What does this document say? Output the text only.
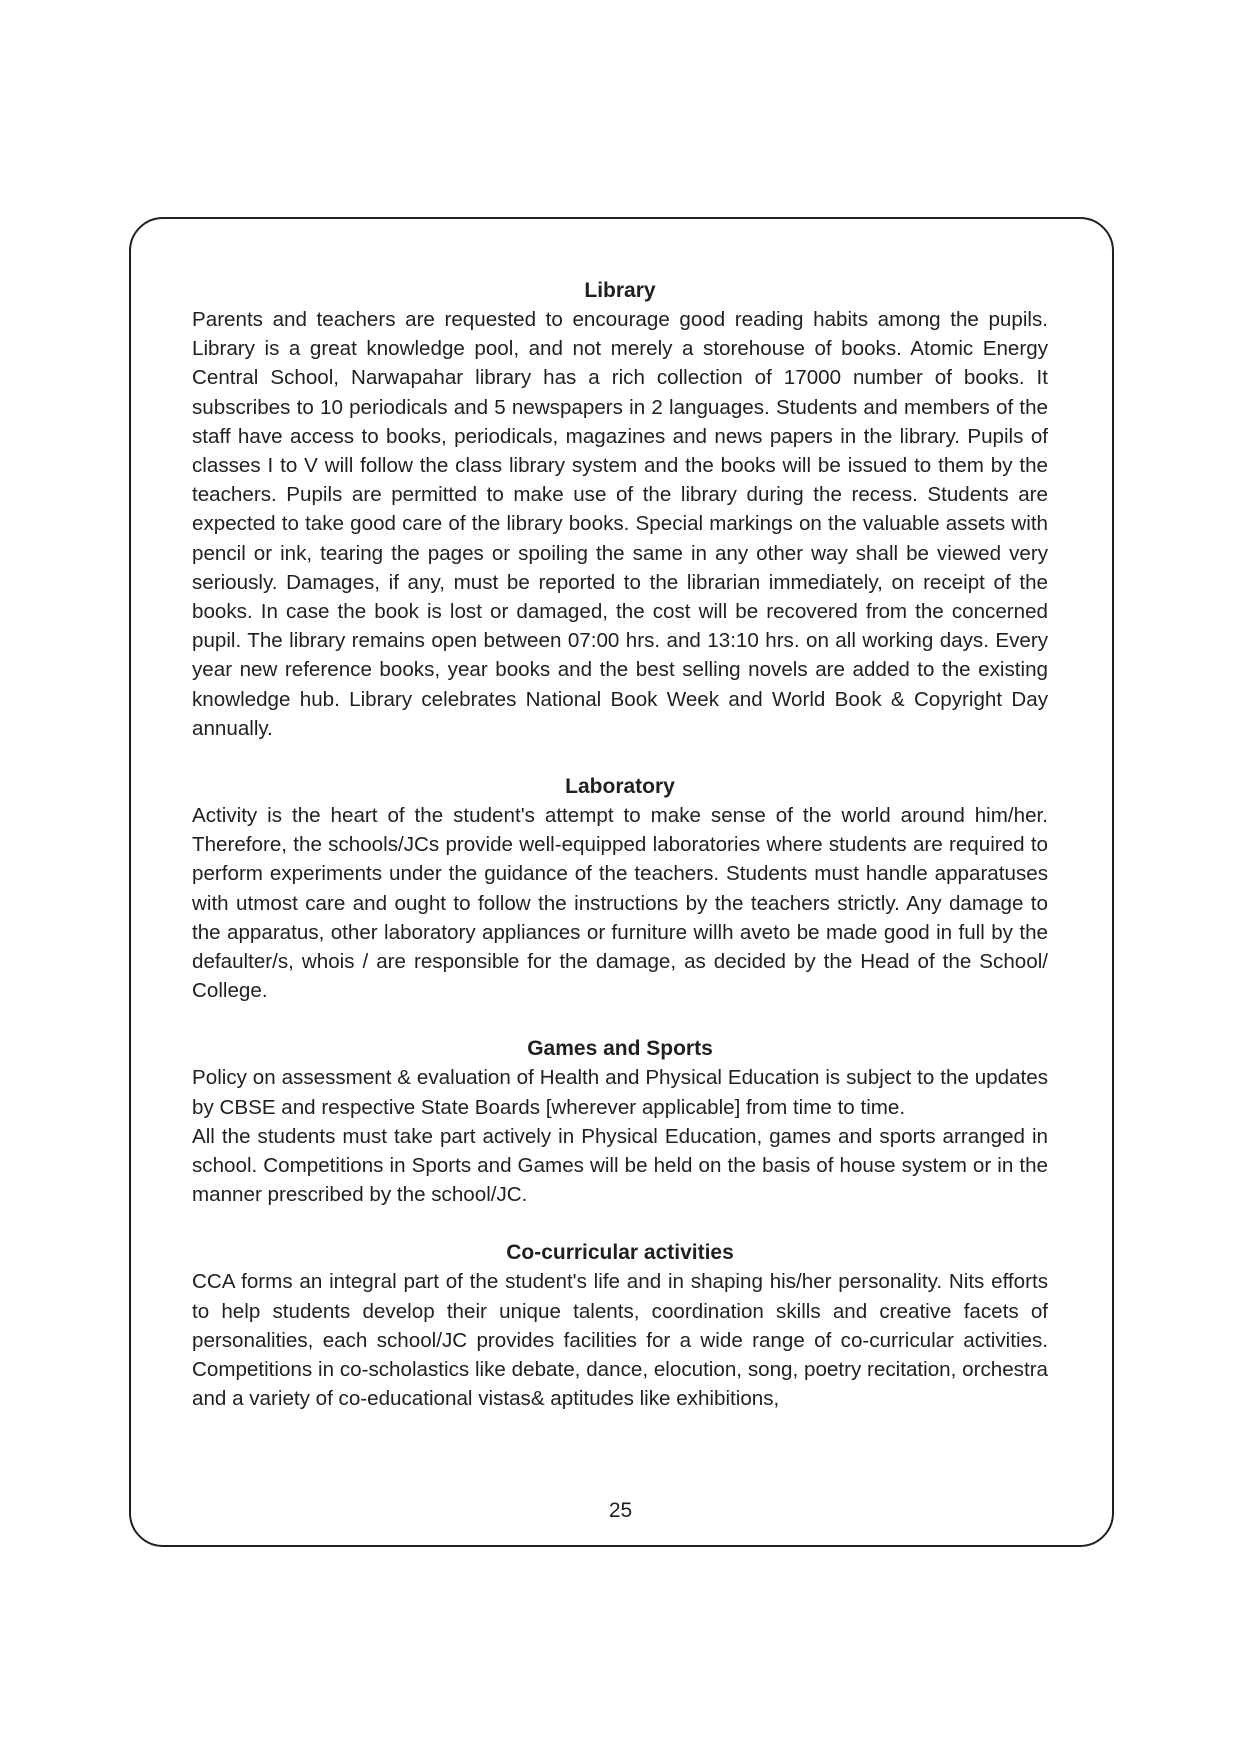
Library

Parents and teachers are requested to encourage good reading habits among the pupils. Library is a great knowledge pool, and not merely a storehouse of books. Atomic Energy Central School, Narwapahar library has a rich collection of 17000 number of books. It subscribes to 10 periodicals and 5 newspapers in 2 languages. Students and members of the staff have access to books, periodicals, magazines and news papers in the library. Pupils of classes I to V will follow the class library system and the books will be issued to them by the teachers. Pupils are permitted to make use of the library during the recess. Students are expected to take good care of the library books. Special markings on the valuable assets with pencil or ink, tearing the pages or spoiling the same in any other way shall be viewed very seriously. Damages, if any, must be reported to the librarian immediately, on receipt of the books. In case the book is lost or damaged, the cost will be recovered from the concerned pupil. The library remains open between 07:00 hrs. and 13:10 hrs. on all working days. Every year new reference books, year books and the best selling novels are added to the existing knowledge hub. Library celebrates National Book Week and World Book & Copyright Day annually.

Laboratory

Activity is the heart of the student's attempt to make sense of the world around him/her. Therefore, the schools/JCs provide well-equipped laboratories where students are required to perform experiments under the guidance of the teachers. Students must handle apparatuses with utmost care and ought to follow the instructions by the teachers strictly. Any damage to the apparatus, other laboratory appliances or furniture willh aveto be made good in full by the defaulter/s, whois / are responsible for the damage, as decided by the Head of the School/ College.

Games and Sports

Policy on assessment & evaluation of Health and Physical Education is subject to the updates by CBSE and respective State Boards [wherever applicable] from time to time.

All the students must take part actively in Physical Education, games and sports arranged in school. Competitions in Sports and Games will be held on the basis of house system or in the manner prescribed by the school/JC.

Co-curricular activities

CCA forms an integral part of the student's life and in shaping his/her personality. Nits efforts to help students develop their unique talents, coordination skills and creative facets of personalities, each school/JC provides facilities for a wide range of co-curricular activities. Competitions in co-scholastics like debate, dance, elocution, song, poetry recitation, orchestra and a variety of co-educational vistas& aptitudes like exhibitions,

25
